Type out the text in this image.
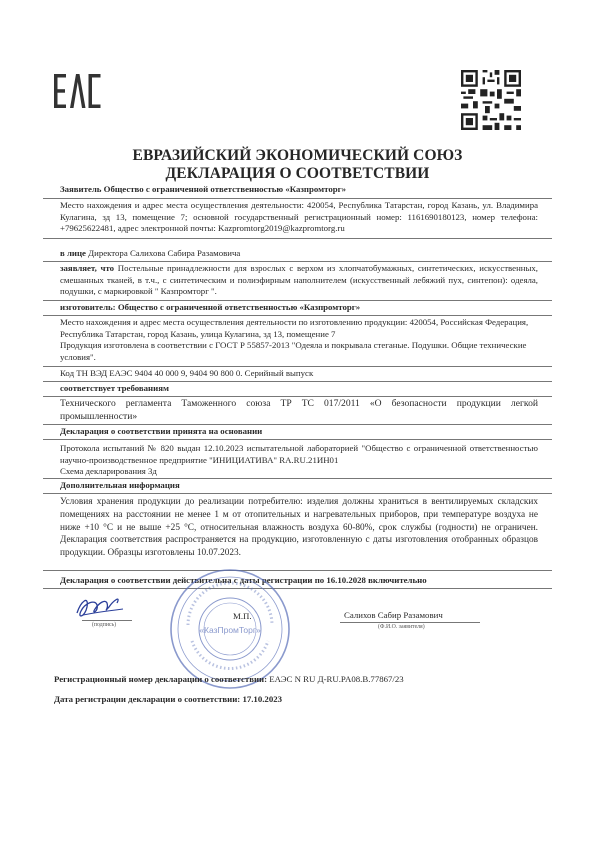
ЕВРАЗИЙСКИЙ ЭКОНОМИЧЕСКИЙ СОЮЗ
ДЕКЛАРАЦИЯ О СООТВЕТСТВИИ
Заявитель Общество с ограниченной ответственностью «Казпромторг»
Место нахождения и адрес места осуществления деятельности: 420054, Республика Татарстан, город Казань, ул. Владимира Кулагина, зд 13, помещение 7; основной государственный регистрационный номер: 1161690180123, номер телефона: +79625622481, адрес электронной почты: Kazpromtorg2019@kazpromtorg.ru
в лице Директора Салихова Сабира Разамовича
заявляет, что Постельные принадлежности для взрослых с верхом из хлопчатобумажных, синтетических, искусственных, смешанных тканей, в т.ч., с синтетическим и полиэфирным наполнителем (искусственный лебяжий пух, синтепон): одеяла, подушки, с маркировкой " Казпромторг ".
изготовитель: Общество с ограниченной ответственностью «Казпромторг»
Место нахождения и адрес места осуществления деятельности по изготовлению продукции: 420054, Российская Федерация, Республика Татарстан, город Казань, улица Кулагина, зд 13, помещение 7
Продукция изготовлена в соответствии с ГОСТ Р 55857-2013 "Одеяла и покрывала стеганые. Подушки. Общие технические условия".
Код ТН ВЭД ЕАЭС 9404 40 000 9, 9404 90 800 0. Серийный выпуск
соответствует требованиям
Технического регламента Таможенного союза ТР ТС 017/2011 «О безопасности продукции легкой промышленности»
Декларация о соответствии принята на основании
Протокола испытаний № 820 выдан 12.10.2023 испытательной лабораторией "Общество с ограниченной ответственностью научно-производственное предприятие "ИНИЦИАТИВА" RA.RU.21ИН01
Схема декларирования 3д
Дополнительная информация
Условия хранения продукции до реализации потребителю: изделия должны храниться в вентилируемых складских помещениях на расстоянии не менее 1 м от отопительных и нагревательных приборов, при температуре воздуха не ниже +10 °С и не выше +25 °С, относительная влажность воздуха 60-80%, срок службы (годности) не ограничен. Декларация соответствия распространяется на продукцию, изготовленную с даты изготовления отобранных образцов продукции. Образцы изготовлены 10.07.2023.
Декларация о соответствии действительна с даты регистрации по 16.10.2028 включительно
«КазПромТорг»
(подпись)
М.П.	Салихов Сабир Разамович
(Ф.И.О. заявителя)
Регистрационный номер декларации о соответствии: ЕАЭС N RU Д-RU.PA08.B.77867/23
Дата регистрации декларации о соответствии: 17.10.2023
